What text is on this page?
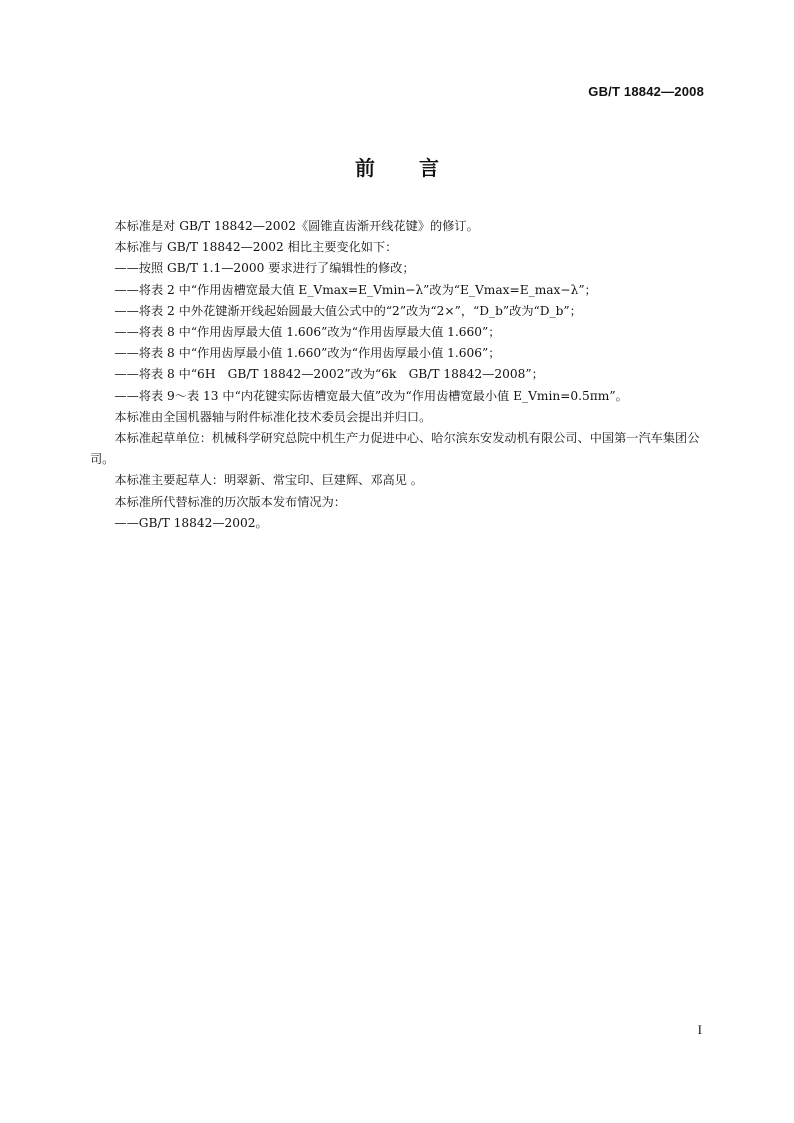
GB/T 18842—2008
前 言

本标准是对 GB/T 18842—2002《圆锥直齿渐开线花键》的修订。

本标准与 GB/T 18842—2002 相比主要变化如下：

——按照 GB/T 1.1—2000 要求进行了编辑性的修改；

——将表 2 中“作用齿槽宽最大值 E_Vmax=E_Vmin−λ”改为“E_Vmax=E_max−λ”；

——将表 2 中外花键渐开线起始圆最大值公式中的“2”改为“2×”，“D_b”改为“D_b”；

——将表 8 中“作用齿厚最大值 1.606”改为“作用齿厚最大值 1.660”；

——将表 8 中“作用齿厚最小值 1.660”改为“作用齿厚最小值 1.606”；

——将表 8 中“6H　GB/T 18842—2002”改为“6k　GB/T 18842—2008”；

——将表 9～表 13 中“内花键实际齿槽宽最大值”改为“作用齿槽宽最小值 E_Vmin=0.5πm”。

本标准由全国机器轴与附件标准化技术委员会提出并归口。

本标准起草单位：机械科学研究总院中机生产力促进中心、哈尔滨东安发动机有限公司、中国第一汽车集团公司。

本标准主要起草人：明翠新、常宝印、巨建辉、邓高见 。

本标准所代替标准的历次版本发布情况为：

——GB/T 18842—2002。

I
